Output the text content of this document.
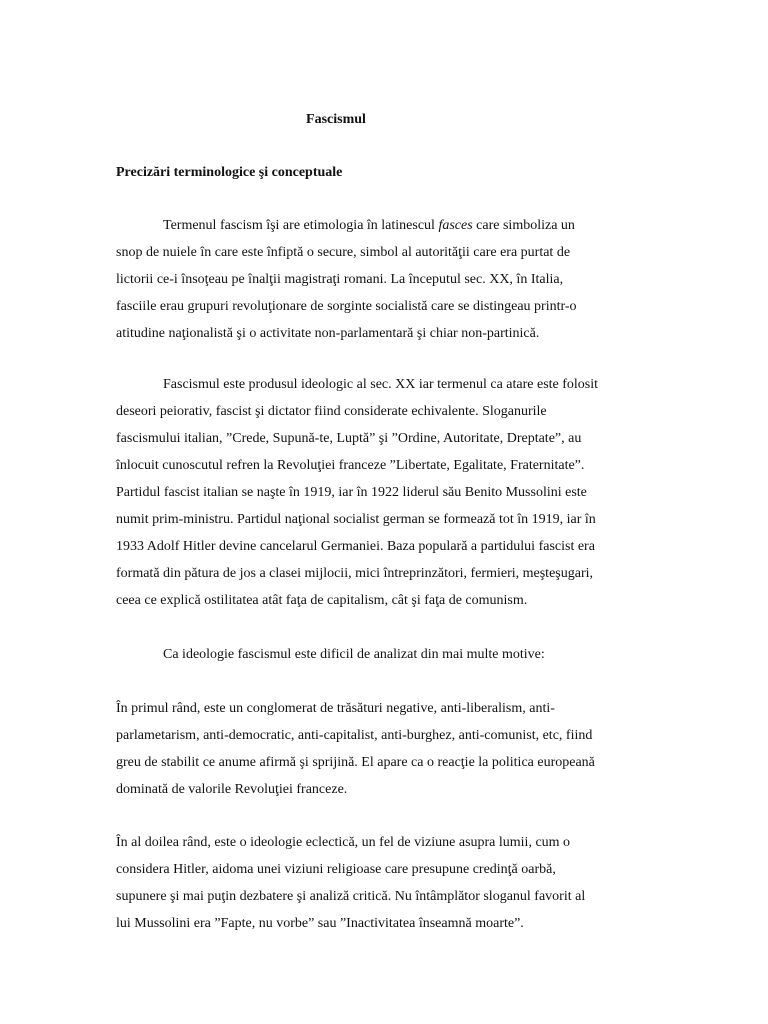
Fascismul
Precizări terminologice şi conceptuale
Termenul fascism îşi are etimologia în latinescul fasces care simboliza un
snop de nuiele în care este înfiptă o secure, simbol al autorităţii care era purtat de
lictorii ce-i însoţeau pe înalţii magistraţi romani. La începutul sec. XX, în Italia,
fasciile erau grupuri revoluţionare de sorginte socialistă care se distingeau printr-o
atitudine naţionalistă şi o activitate non-parlamentară şi chiar non-partinică.
Fascismul este produsul ideologic al sec. XX iar termenul ca atare este folosit
deseori peiorativ, fascist şi dictator fiind considerate echivalente. Sloganurile
fascismului italian, ”Crede, Supună-te, Luptă” şi ”Ordine, Autoritate, Dreptate”, au
înlocuit cunoscutul refren la Revoluţiei franceze ”Libertate, Egalitate, Fraternitate”.
Partidul fascist italian se naşte în 1919, iar în 1922 liderul său Benito Mussolini este
numit prim-ministru. Partidul naţional socialist german se formează tot în 1919, iar în
1933 Adolf Hitler devine cancelarul Germaniei. Baza populară a partidului fascist era
formată din pătura de jos a clasei mijlocii, mici întreprinzători, fermieri, meşteşugari,
ceea ce explică ostilitatea atât faţa de capitalism, cât şi faţa de comunism.
Ca ideologie fascismul este dificil de analizat din mai multe motive:
În primul rând, este un conglomerat de trăsături negative, anti-liberalism, anti-
parlametarism, anti-democratic, anti-capitalist, anti-burghez, anti-comunist, etc, fiind
greu de stabilit ce anume afirmă şi sprijină. El apare ca o reacţie la politica europeană
dominată de valorile Revoluţiei franceze.
În al doilea rând, este o ideologie eclectică, un fel de viziune asupra lumii, cum o
considera Hitler, aidoma unei viziuni religioase care presupune credinţă oarbă,
supunere şi mai puţin dezbatere şi analiză critică. Nu întâmplător sloganul favorit al
lui Mussolini era ”Fapte, nu vorbe” sau ”Inactivitatea înseamnă moarte”.
